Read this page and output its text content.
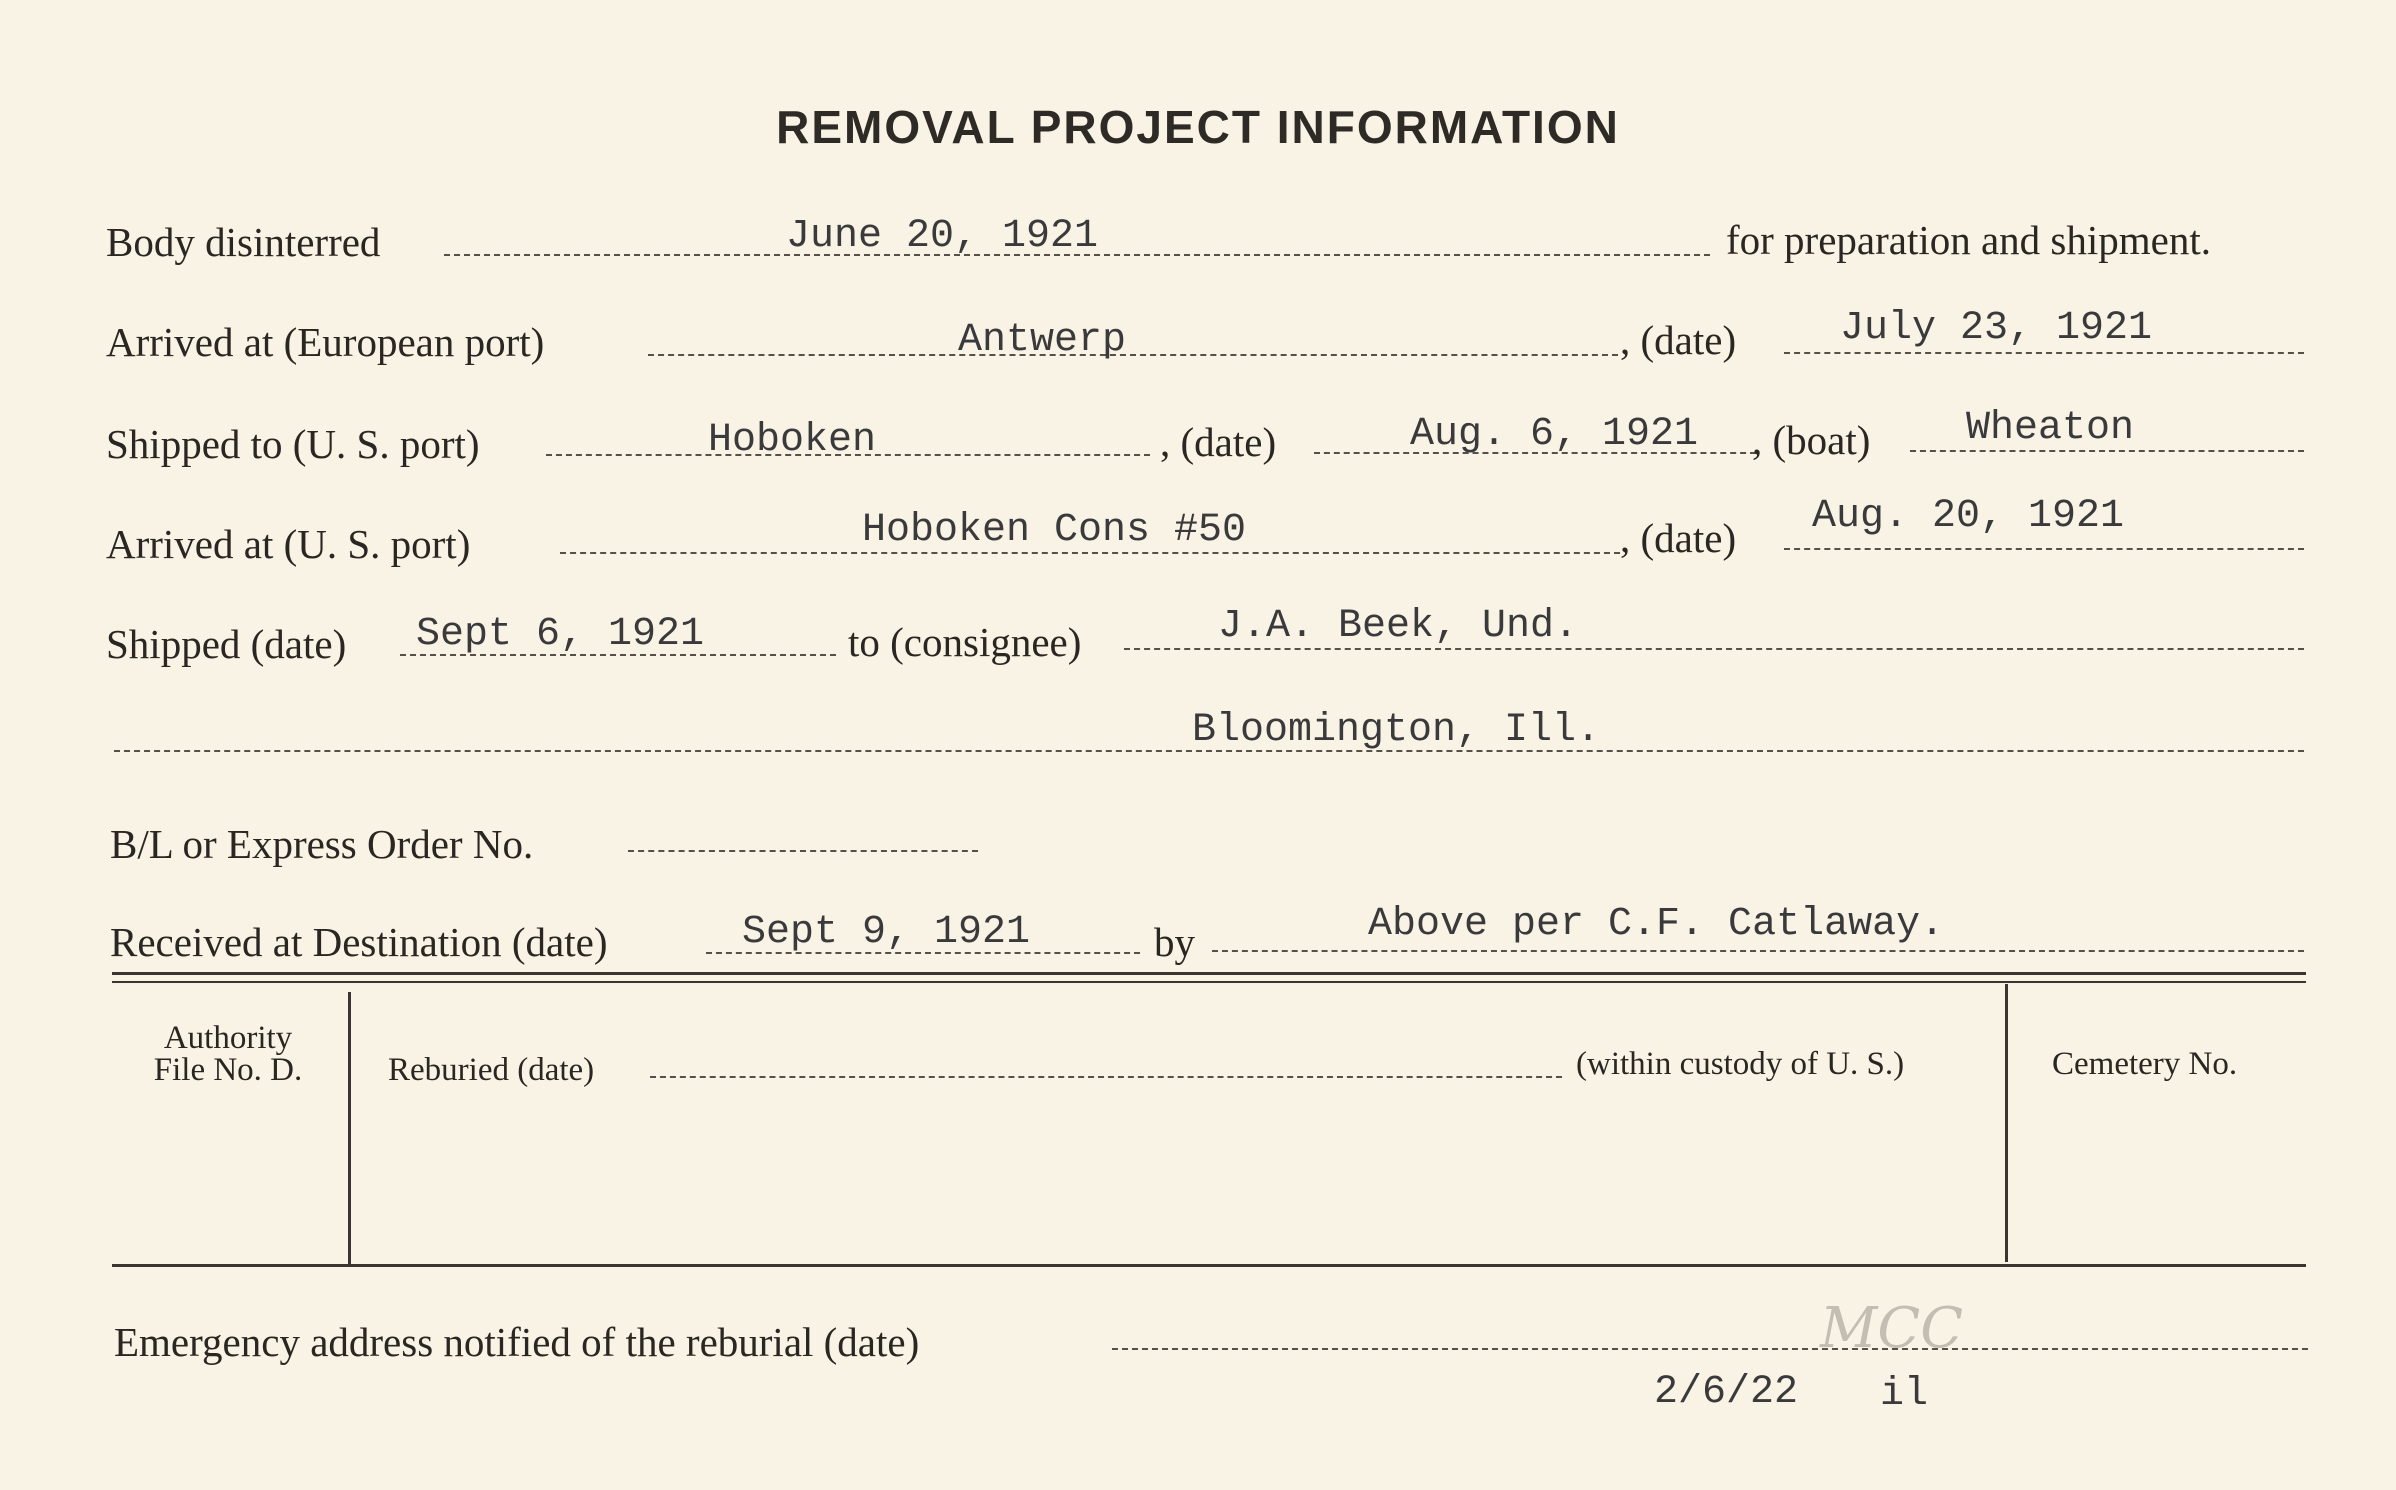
REMOVAL PROJECT INFORMATION
Body disinterred	June 20, 1921	for preparation and shipment.
Arrived at (European port)	Antwerp	, (date)	July 23, 1921
Shipped to (U. S. port)	Hoboken	, (date)	Aug. 6, 1921 , (boat) Wheaton
Arrived at (U. S. port)	Hoboken Cons #50	, (date) Aug. 20, 1921
Shipped (date) Sept 6, 1921	to (consignee)	J.A. Beek, Und.
Bloomington, Ill.
B/L or Express Order No.
Received at Destination (date)	Sept 9, 1921	by	Above per C.F. Catlaway.
Authority
File No. D.	Reburied (date)	(within custody of U. S.)	Cemetery No.
Emergency address notified of the reburial (date)	MCC
2/6/22 il
